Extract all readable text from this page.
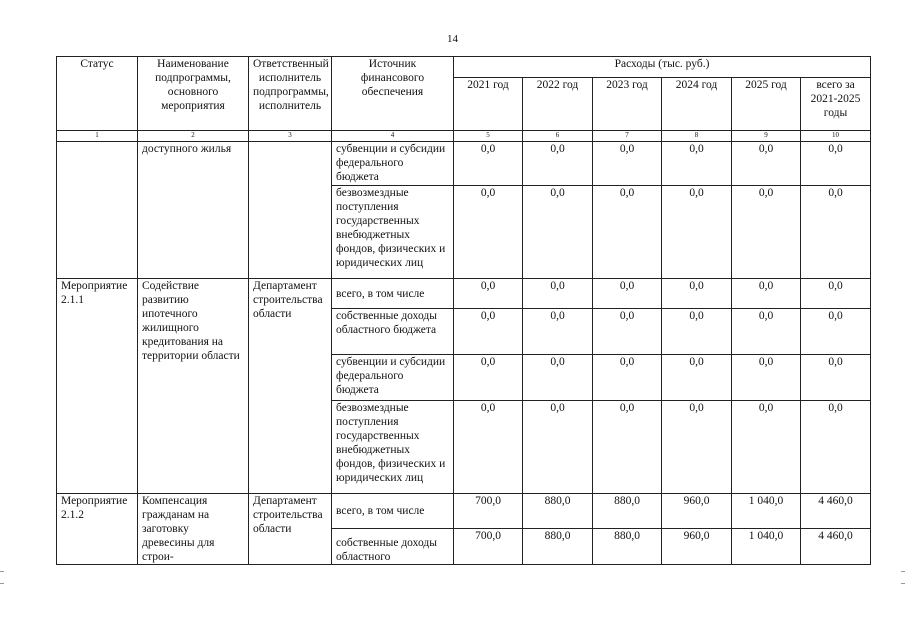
14
Статус	Наименование подпрограммы, основного мероприятия	Ответственный исполнитель подпрограммы, исполнитель	Источник финансового обеспечения	Расходы (тыс. руб.)					
				2021 год	2022 год	2023 год	2024 год	2025 год	всего за 2021-2025 годы
1	2	3	4	5	6	7	8	9	10
	доступного жилья		субвенции и субсидии федерального бюджета	0,0	0,0	0,0	0,0	0,0	0,0
			безвозмездные поступления государственных внебюджетных фондов, физических и юридических лиц	0,0	0,0	0,0	0,0	0,0	0,0
Мероприятие 2.1.1	Содействие развитию ипотечного жилищного кредитования на территории области	Департамент строительства области	всего, в том числе	0,0	0,0	0,0	0,0	0,0	0,0
			собственные доходы областного бюджета	0,0	0,0	0,0	0,0	0,0	0,0
			субвенции и субсидии федерального бюджета	0,0	0,0	0,0	0,0	0,0	0,0
			безвозмездные поступления государственных внебюджетных фондов, физических и юридических лиц	0,0	0,0	0,0	0,0	0,0	0,0
Мероприятие 2.1.2	Компенсация гражданам на заготовку древесины для строи-	Департамент строительства области	всего, в том числе	700,0	880,0	880,0	960,0	1 040,0	4 460,0
			собственные доходы областного	700,0	880,0	880,0	960,0	1 040,0	4 460,0
